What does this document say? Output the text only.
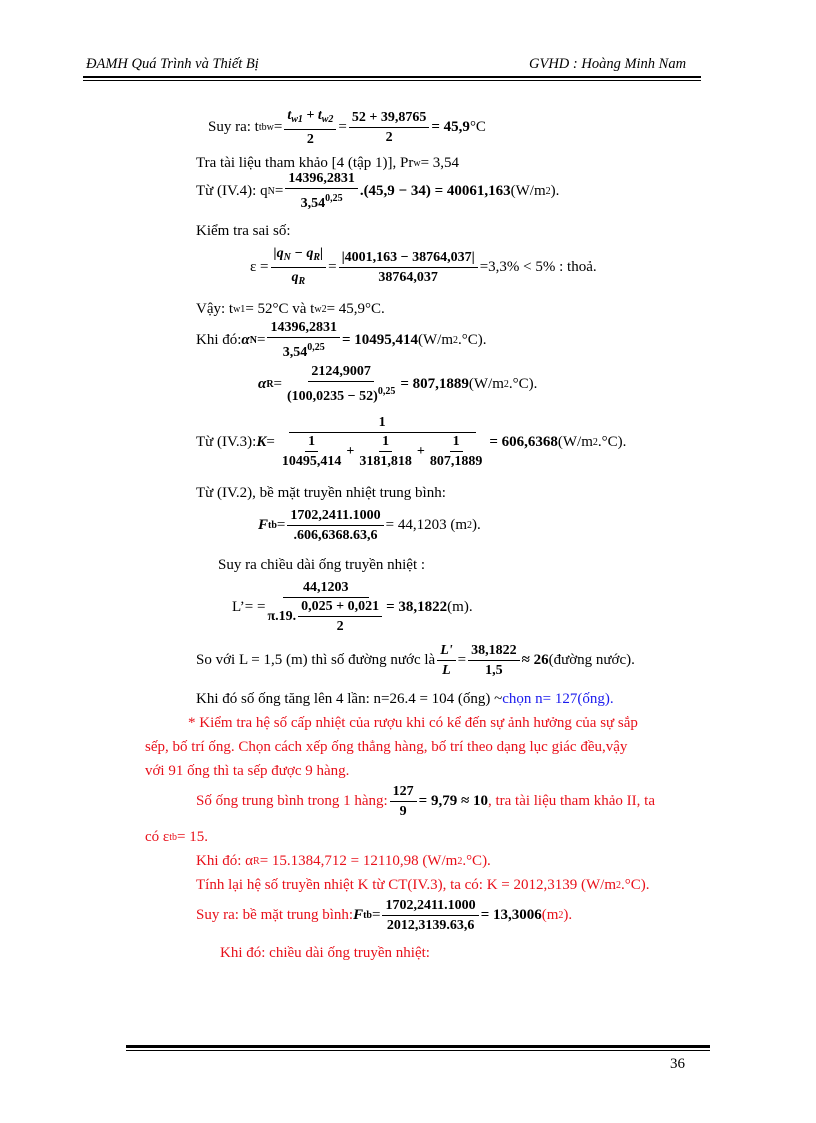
ĐAMH Quá Trình và Thiết Bị	GVHD : Hoàng Minh Nam
Suy ra: t tbw = $\frac{t_{w1} + t_{w2}}{2} = \frac{52 + 39,8765}{2} = 45,9$ °C
Tra tài liệu tham khảo [4 (tập 1)], Pr w = 3,54
Từ (IV.4): q $N = \frac{14396,2831}{3,54^{0,25}} .(45,9 - 34) = 40061,163$ (W/m 2 ).
Kiểm tra sai số:
$\varepsilon = \frac{|q_N - q_R|}{q_R} = \frac{|4001,163 - 38764,037|}{38764,037} =3,3\% < 5\%$ : thoả.
Vậy: t w1 = 52°C và t w2 = 45,9°C.
Khi đó: α $N = \frac{14396,2831}{3,54^{0,25}} = 10495,414$ (W/m 2 .°C).
α $R = \frac{2124,9007}{(100,0235 - 52)^{0,25}} = 807,1889$ (W/m 2 .°C).
Từ (IV.3): $K = \frac{1}{\frac{1}{10495,414} + \frac{1}{3181,818} + \frac{1}{807,1889}} = 606,6368$ (W/m 2 .°C).
Từ (IV.2), bề mặt truyền nhiệt trung bình:
F tb = $\frac{1702,2411.1000}{.606,6368.63,6} = 44,1203$ (m 2 ).
Suy ra chiều dài ống truyền nhiệt :
L’= = $\frac{44,1203}{\pi.19. \frac{0,025 + 0,021}{2}} = 38,1822$ (m).
So với L = 1,5 (m) thì số đường nước là $\frac{L'}{L} = \frac{38,1822}{1,5} \approx 26$ (đường nước).
Khi đó số ống tăng lên 4 lần: n=26.4 = 104 (ống) ~ chọn n= 127(ống).
* Kiểm tra hệ số cấp nhiệt của rượu khi có kể đến sự ảnh hưởng của sự sắp
sếp, bố trí ống. Chọn cách xếp ống thẳng hàng, bố trí theo dạng lục giác đều,vậy
với 91 ống thì ta sếp được 9 hàng.
Số ống trung bình trong 1 hàng: $\frac{127}{9} = 9,79 \approx 10$ , tra tài liệu tham khảo II, ta
có ε tb = 15.
Khi đó: α R = 15.1384,712 = 12110,98 (W/m 2 .°C).
Tính lại hệ số truyền nhiệt K từ CT(IV.3), ta có: K = 2012,3139 (W/m 2 .°C).
Suy ra: bề mặt trung bình: F tb = $\frac{1702,2411.1000}{2012,3139.63,6} = 13,3006$ (m 2 ).
Khi đó: chiều dài ống truyền nhiệt:
36
